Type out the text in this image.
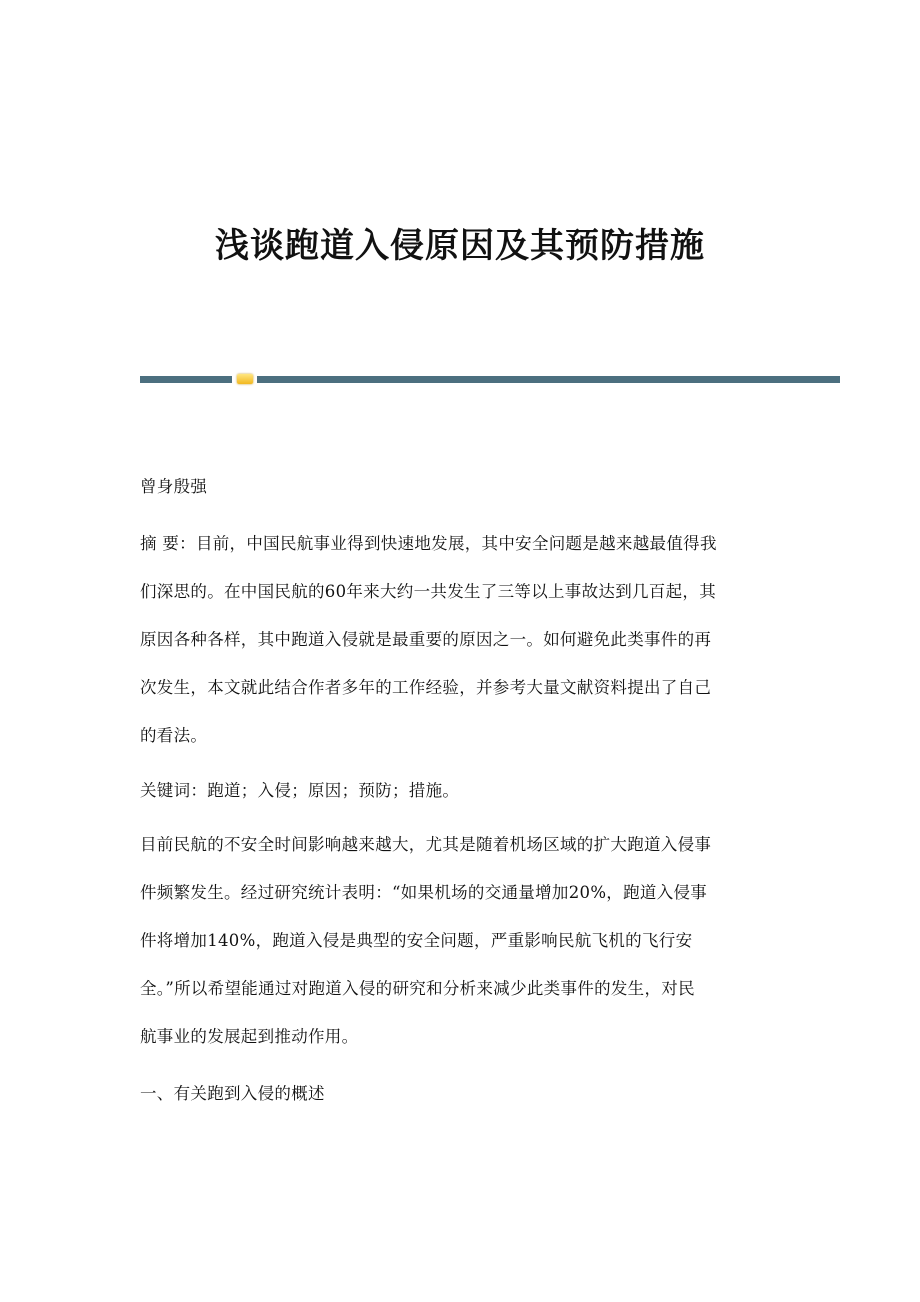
浅谈跑道入侵原因及其预防措施
曾身殷强
摘 要：目前，中国民航事业得到快速地发展，其中安全问题是越来越最值得我
们深思的。在中国民航的60年来大约一共发生了三等以上事故达到几百起，其
原因各种各样，其中跑道入侵就是最重要的原因之一。如何避免此类事件的再
次发生，本文就此结合作者多年的工作经验，并参考大量文献资料提出了自己
的看法。
关键词：跑道；入侵；原因；预防；措施。
目前民航的不安全时间影响越来越大，尤其是随着机场区域的扩大跑道入侵事
件频繁发生。经过研究统计表明：“如果机场的交通量增加20%，跑道入侵事
件将增加140%，跑道入侵是典型的安全问题，严重影响民航飞机的飞行安
全。”所以希望能通过对跑道入侵的研究和分析来减少此类事件的发生，对民
航事业的发展起到推动作用。
一、有关跑到入侵的概述
